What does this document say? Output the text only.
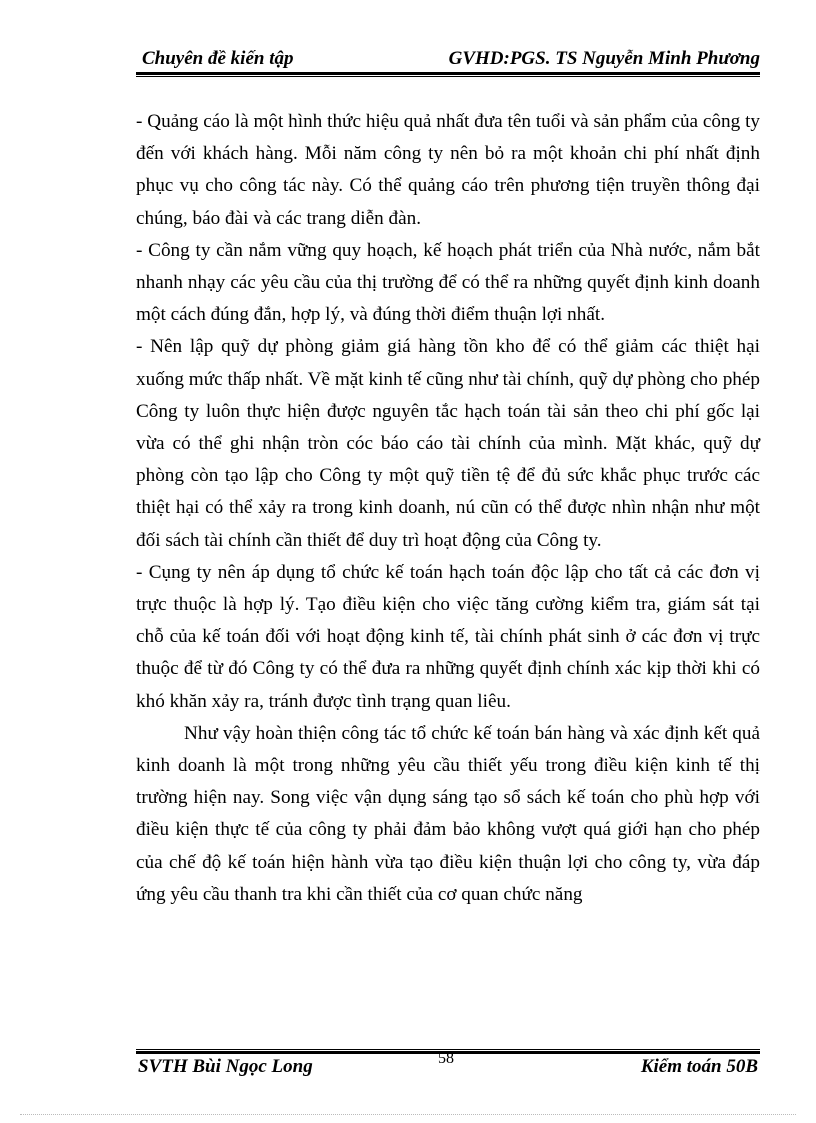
Chuyên đề kiến tập	GVHD:PGS. TS Nguyễn Minh Phương

- Quảng cáo là một hình thức hiệu quả nhất đưa tên tuổi và sản phẩm của công ty đến với khách hàng. Mỗi năm công ty nên bỏ ra một khoản chi phí nhất định phục vụ cho công tác này. Có thể quảng cáo trên phương tiện truyền thông đại chúng, báo đài và các trang diễn đàn.

- Công ty cần nắm vững quy hoạch, kế hoạch phát triển của Nhà nước, nắm bắt nhanh nhạy các yêu cầu của thị trường để có thể ra những quyết định kinh doanh một cách đúng đắn, hợp lý, và đúng thời điểm thuận lợi nhất.

- Nên lập quỹ dự phòng giảm giá hàng tồn kho để có thể giảm các thiệt hại xuống mức thấp nhất. Về mặt kinh tế cũng như tài chính, quỹ dự phòng cho phép Công ty luôn thực hiện được nguyên tắc hạch toán tài sản theo chi phí gốc lại vừa có thể ghi nhận tròn cóc báo cáo tài chính của mình. Mặt khác, quỹ dự phòng còn tạo lập cho Công ty một quỹ tiền tệ để đủ sức khắc phục trước các thiệt hại có thể xảy ra trong kinh doanh, nú cũn có thể được nhìn nhận như một đối sách tài chính cần thiết để duy trì hoạt động của Công ty.

- Cụng ty nên áp dụng tổ chức kế toán hạch toán độc lập cho tất cả các đơn vị trực thuộc là hợp lý. Tạo điều kiện cho việc tăng cường kiểm tra, giám sát tại chỗ của kế toán đối với hoạt động kinh tế, tài chính phát sinh ở các đơn vị trực thuộc để từ đó Công ty có thể đưa ra những quyết định chính xác kịp thời khi có khó khăn xảy ra, tránh được tình trạng quan liêu.

Như vậy hoàn thiện công tác tổ chức kế toán bán hàng và xác định kết quả kinh doanh là một trong những yêu cầu thiết yếu trong điều kiện kinh tế thị trường hiện nay. Song việc vận dụng sáng tạo sổ sách kế toán cho phù hợp với điều kiện thực tế của công ty phải đảm bảo không vượt quá giới hạn cho phép của chế độ kế toán hiện hành vừa tạo điều kiện thuận lợi cho công ty, vừa đáp ứng yêu cầu thanh tra khi cần thiết của cơ quan chức năng

SVTH Bùi Ngọc Long	58	Kiểm toán 50B
